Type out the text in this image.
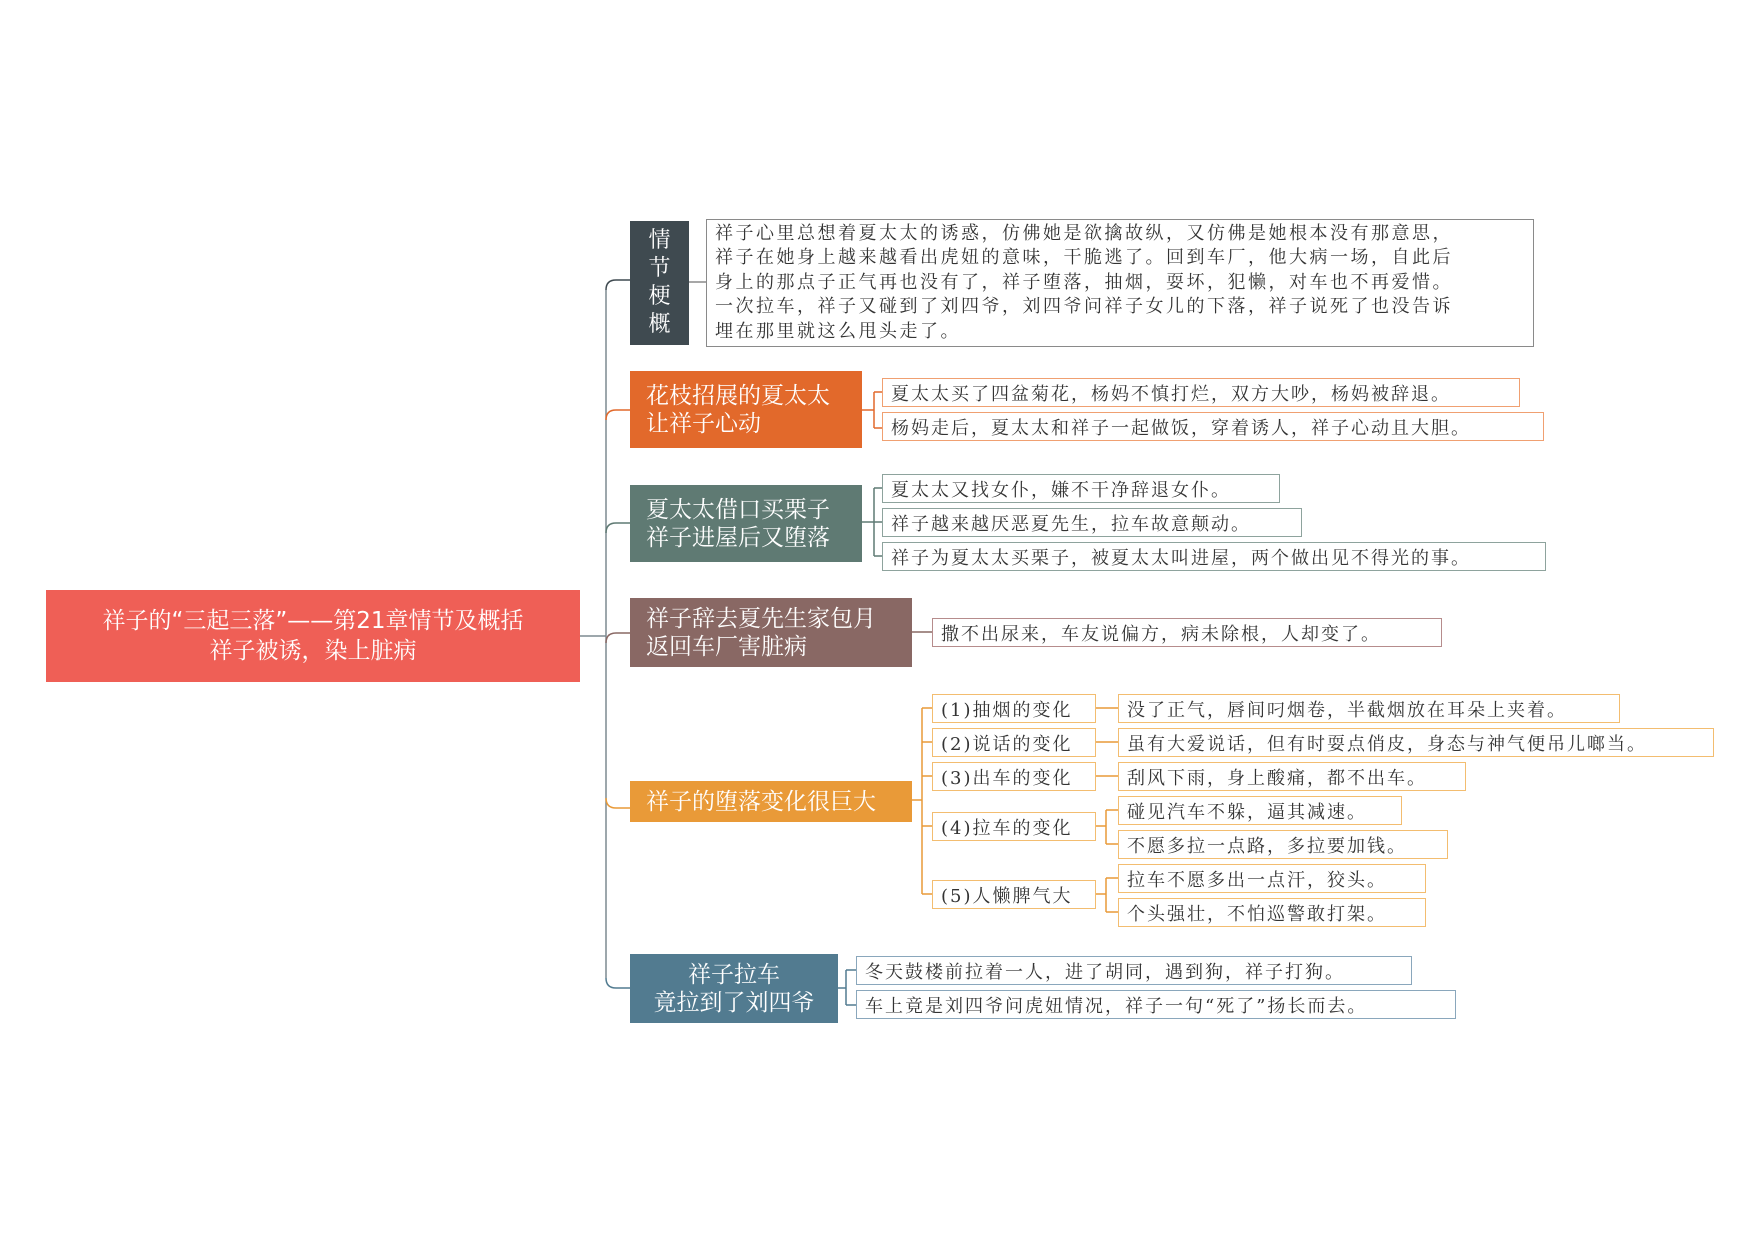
祥子的“三起三落”——第21章情节及概括
祥子被诱，染上脏病
情
节
梗
概
祥子心里总想着夏太太的诱惑，仿佛她是欲擒故纵，又仿佛是她根本没有那意思，
祥子在她身上越来越看出虎妞的意味，干脆逃了。回到车厂，他大病一场，自此后
身上的那点子正气再也没有了，祥子堕落，抽烟，耍坏，犯懒，对车也不再爱惜。
一次拉车，祥子又碰到了刘四爷，刘四爷问祥子女儿的下落，祥子说死了也没告诉
埋在那里就这么甩头走了。
花枝招展的夏太太
让祥子心动
夏太太买了四盆菊花，杨妈不慎打烂，双方大吵，杨妈被辞退。
杨妈走后，夏太太和祥子一起做饭，穿着诱人，祥子心动且大胆。
夏太太借口买栗子
祥子进屋后又堕落
夏太太又找女仆，嫌不干净辞退女仆。
祥子越来越厌恶夏先生，拉车故意颠动。
祥子为夏太太买栗子，被夏太太叫进屋，两个做出见不得光的事。
祥子辞去夏先生家包月
返回车厂害脏病	撒不出尿来，车友说偏方，病未除根，人却变了。
祥子的堕落变化很巨大
(1)抽烟的变化	没了正气，唇间叼烟卷，半截烟放在耳朵上夹着。
(2)说话的变化	虽有大爱说话，但有时耍点俏皮，身态与神气便吊儿啷当。
(3)出车的变化	刮风下雨，身上酸痛，都不出车。
(4)拉车的变化
碰见汽车不躲，逼其减速。
不愿多拉一点路，多拉要加钱。
(5)人懒脾气大
拉车不愿多出一点汗，狡头。
个头强壮，不怕巡警敢打架。
祥子拉车
竟拉到了刘四爷
冬天鼓楼前拉着一人，进了胡同，遇到狗，祥子打狗。
车上竟是刘四爷问虎妞情况，祥子一句“死了”扬长而去。
